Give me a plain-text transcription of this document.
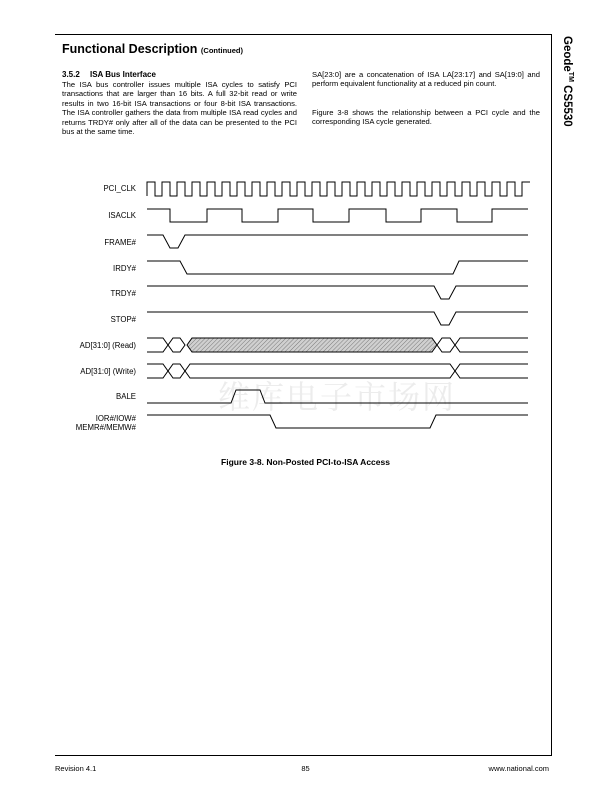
Geode™ CS5530
Functional Description (Continued)
3.5.2 ISA Bus Interface

The ISA bus controller issues multiple ISA cycles to satisfy PCI transactions that are larger than 16 bits. A full 32-bit read or write results in two 16-bit ISA transactions or four 8-bit ISA transactions. The ISA controller gathers the data from multiple ISA read cycles and returns TRDY# only after all of the data can be presented to the PCI bus at the same time.

SA[23:0] are a concatenation of ISA LA[23:17] and SA[19:0] and perform equivalent functionality at a reduced pin count.

Figure 3-8 shows the relationship between a PCI cycle and the corresponding ISA cycle generated.

维库电子市场网
PCI_CLK
ISACLK
FRAME#
IRDY#
TRDY#
STOP#
AD[31:0] (Read)
AD[31:0] (Write)
BALE
IOR#/IOW#
MEMR#/MEMW#
Figure 3-8. Non-Posted PCI-to-ISA Access
Revision 4.1	85	www.national.com
